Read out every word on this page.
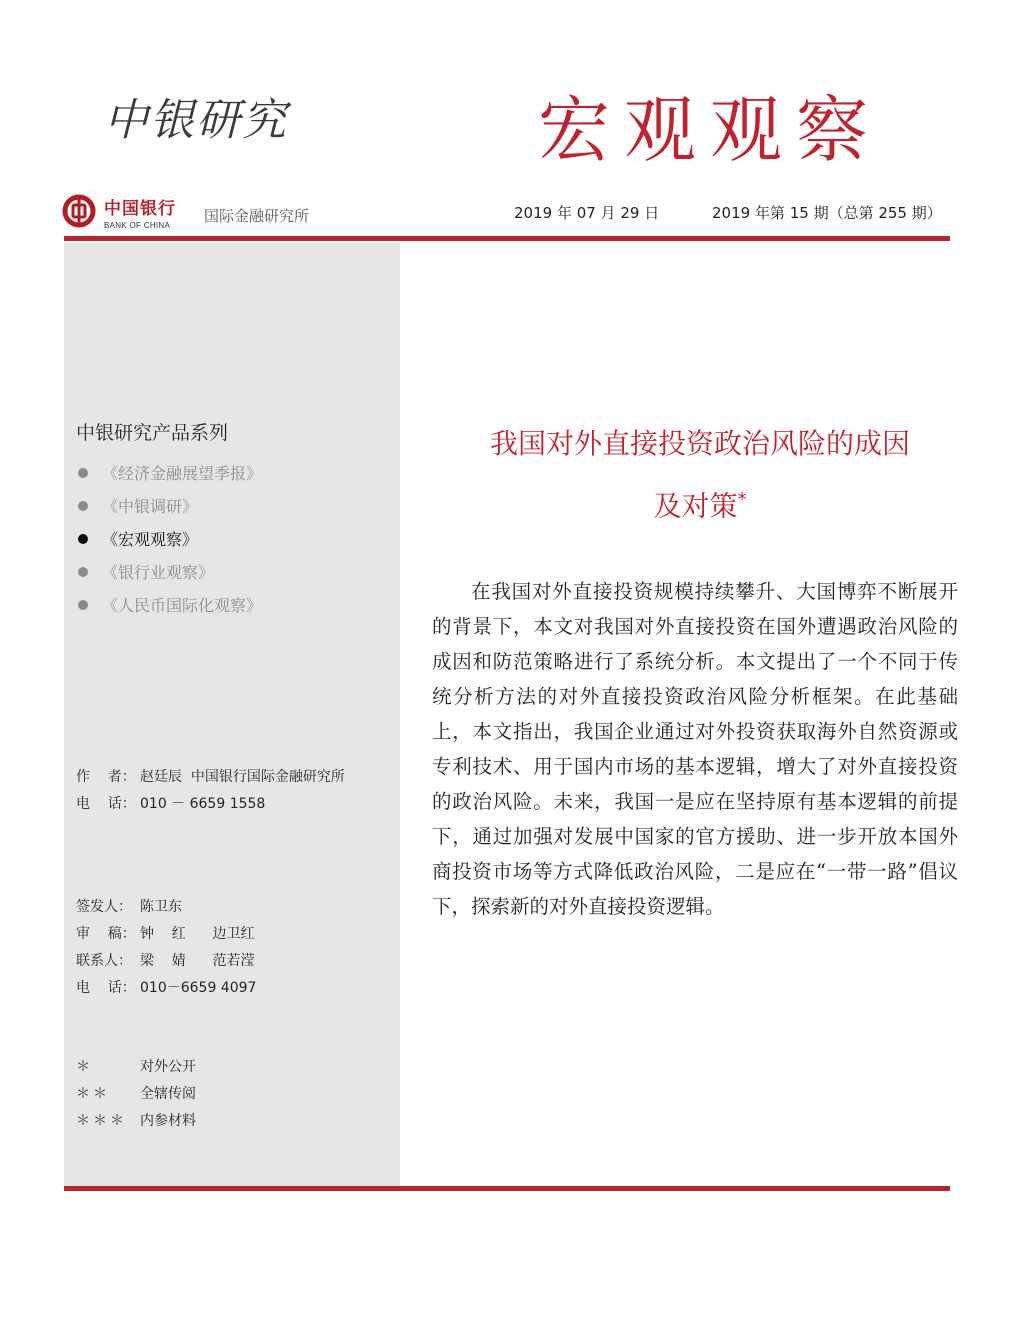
中银研究	宏观观察
中国银行
BANK OF CHINA
国际金融研究所	2019 年 07 月 29 日	2019 年第 15 期（总第 255 期）
中银研究产品系列
《经济金融展望季报》
《中银调研》
《宏观观察》
《银行业观察》
《人民币国际化观察》
作    者： 赵廷辰  中国银行国际金融研究所
电    话： 010 － 6659 1558
签发人： 陈卫东
审    稿： 钟    红      边卫红
联系人： 梁    婧      范若滢
电    话： 010－6659 4097
＊	对外公开
＊＊	全辖传阅
＊＊＊ 内参材料
我国对外直接投资政治风险的成因
及对策*

在我国对外直接投资规模持续攀升、大国博弈不断展开的背景下，本文对我国对外直接投资在国外遭遇政治风险的成因和防范策略进行了系统分析。本文提出了一个不同于传统分析方法的对外直接投资政治风险分析框架。在此基础上，本文指出，我国企业通过对外投资获取海外自然资源或专利技术、用于国内市场的基本逻辑，增大了对外直接投资的政治风险。未来，我国一是应在坚持原有基本逻辑的前提下，通过加强对发展中国家的官方援助、进一步开放本国外商投资市场等方式降低政治风险，二是应在“一带一路”倡议下，探索新的对外直接投资逻辑。
